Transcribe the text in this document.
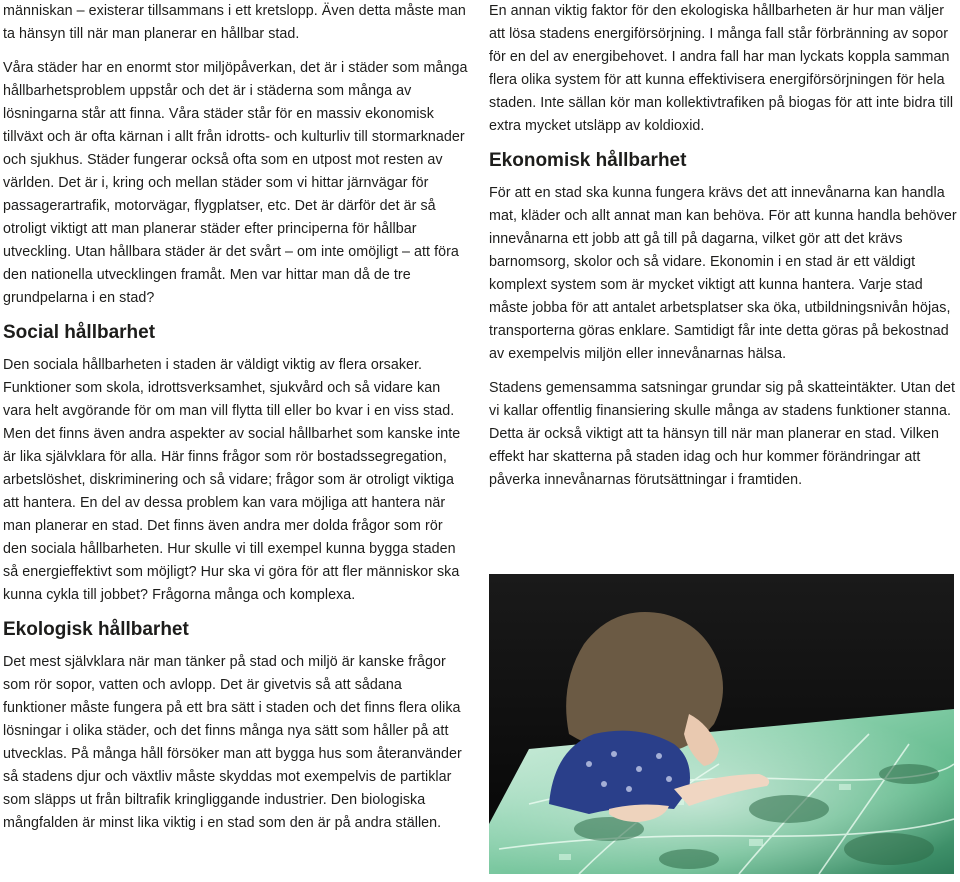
människan – existerar tillsammans i ett kretslopp. Även detta måste man ta hänsyn till när man planerar en hållbar stad.

Våra städer har en enormt stor miljöpåverkan, det är i städer som många hållbarhetsproblem uppstår och det är i städerna som många av lösningarna står att finna. Våra städer står för en massiv ekonomisk tillväxt och är ofta kärnan i allt från idrotts- och kulturliv till stormarknader och sjukhus. Städer fungerar också ofta som en utpost mot resten av världen. Det är i, kring och mellan städer som vi hittar järnvägar för passagerartrafik, motorvägar, flygplatser, etc. Det är därför det är så otroligt viktigt att man planerar städer efter principerna för hållbar utveckling. Utan hållbara städer är det svårt – om inte omöjligt – att föra den nationella utvecklingen framåt. Men var hittar man då de tre grundpelarna i en stad?

Social hållbarhet

Den sociala hållbarheten i staden är väldigt viktig av flera orsaker. Funktioner som skola, idrottsverksamhet, sjukvård och så vidare kan vara helt avgörande för om man vill flytta till eller bo kvar i en viss stad. Men det finns även andra aspekter av social hållbarhet som kanske inte är lika självklara för alla. Här finns frågor som rör bostadssegregation, arbetslöshet, diskriminering och så vidare; frågor som är otroligt viktiga att hantera. En del av dessa problem kan vara möjliga att hantera när man planerar en stad. Det finns även andra mer dolda frågor som rör den sociala hållbarheten. Hur skulle vi till exempel kunna bygga staden så energieffektivt som möjligt? Hur ska vi göra för att fler människor ska kunna cykla till jobbet? Frågorna många och komplexa.

Ekologisk hållbarhet

Det mest självklara när man tänker på stad och miljö är kanske frågor som rör sopor, vatten och avlopp. Det är givetvis så att sådana funktioner måste fungera på ett bra sätt i staden och det finns flera olika lösningar i olika städer, och det finns många nya sätt som håller på att utvecklas. På många håll försöker man att bygga hus som återanvänder så stadens djur och växtliv måste skyddas mot exempelvis de partiklar som släpps ut från biltrafik kringliggande industrier. Den biologiska mångfalden är minst lika viktig i en stad som den är på andra ställen.

En annan viktig faktor för den ekologiska hållbarheten är hur man väljer att lösa stadens energiförsörjning. I många fall står förbränning av sopor för en del av energibehovet. I andra fall har man lyckats koppla samman flera olika system för att kunna effektivisera energiförsörjningen för hela staden. Inte sällan kör man kollektivtrafiken på biogas för att inte bidra till extra mycket utsläpp av koldioxid.

Ekonomisk hållbarhet

För att en stad ska kunna fungera krävs det att innevånarna kan handla mat, kläder och allt annat man kan behöva. För att kunna handla behöver innevånarna ett jobb att gå till på dagarna, vilket gör att det krävs barnomsorg, skolor och så vidare. Ekonomin i en stad är ett väldigt komplext system som är mycket viktigt att kunna hantera. Varje stad måste jobba för att antalet arbetsplatser ska öka, utbildningsnivån höjas, transporterna göras enklare. Samtidigt får inte detta göras på bekostnad av exempelvis miljön eller innevånarnas hälsa.

Stadens gemensamma satsningar grundar sig på skatteintäkter. Utan det vi kallar offentlig finansiering skulle många av stadens funktioner stanna. Detta är också viktigt att ta hänsyn till när man planerar en stad. Vilken effekt har skatterna på staden idag och hur kommer förändringar att påverka innevånarnas förutsättningar i framtiden.
